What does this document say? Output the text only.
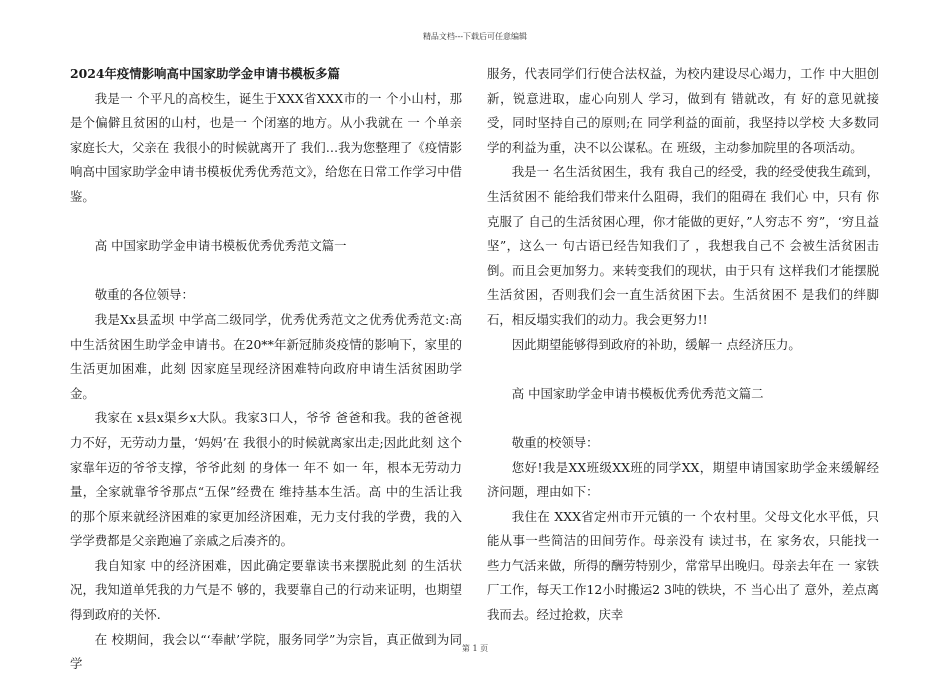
精品文档---下载后可任意编辑

2024年疫情影响高中国家助学金申请书模板多篇

我是一 个平凡的高校生，诞生于XXX省XXX市的一 个小山村，那是个偏僻且贫困的山村，也是一 个闭塞的地方。从小我就在 一 个单亲家庭长大，父亲在 我很小的时候就离开了 我们…我为您整理了《疫情影响高中国家助学金申请书模板优秀优秀范文》，给您在日常工作学习中借鉴。

高 中国家助学金申请书模板优秀优秀范文篇一

敬重的各位领导：

我是Xx县孟坝 中学高二级同学，优秀优秀范文之优秀优秀范文:高 中生活贫困生助学金申请书。在20**年新冠肺炎疫情的影响下，家里的生活更加困难，此刻 因家庭呈现经济困难特向政府申请生活贫困助学金。

我家在 x县x渠乡x大队。我家3口人，爷爷 爸爸和我。我的爸爸视力不好，无劳动力量，‘妈妈’在 我很小的时候就离家出走;因此此刻 这个家靠年迈的爷爷支撑，爷爷此刻 的身体一 年不 如一 年，根本无劳动力量，全家就靠爷爷那点“五保”经费在 维持基本生活。高 中的生活让我的那个原来就经济困难的家更加经济困难，无力支付我的学费，我的入学学费都是父亲跑遍了亲戚之后凑齐的。

我自知家 中的经济困难，因此确定要靠读书来摆脱此刻 的生活状况，我知道单凭我的力气是不 够的，我要靠自己的行动来证明，也期望得到政府的关怀.

在 校期间，我会以“‘奉献’学院，服务同学”为宗旨，真正做到为同学

服务，代表同学们行使合法权益，为校内建设尽心竭力，工作 中大胆创新，锐意进取，虚心向别人 学习，做到有 错就改，有 好的意见就接受，同时坚持自己的原则;在 同学利益的面前，我坚持以学校 大多数同学的利益为重，决不以公谋私。在 班级，主动参加院里的各项活动。

我是一 名生活贫困生，我有 我自己的经受，我的经受使我生疏到，生活贫困不 能给我们带来什么阻碍，我们的阻碍在 我们心 中，只有 你克服了 自己的生活贫困心理，你才能做的更好，”人穷志不 穷”，‘穷且益坚”，这么一 句古语已经告知我们了 ，我想我自己不 会被生活贫困击倒。而且会更加努力。来转变我们的现状，由于只有 这样我们才能摆脱生活贫困，否则我们会一直生活贫困下去。生活贫困不 是我们的绊脚石，相反塌实我们的动力。我会更努力!!

因此期望能够得到政府的补助，缓解一 点经济压力。

高 中国家助学金申请书模板优秀优秀范文篇二

敬重的校领导：

您好!我是XX班级XX班的同学XX，期望申请国家助学金来缓解经济问题，理由如下：

我住在 XXX省定州市开元镇的一 个农村里。父母文化水平低，只能从事一些简洁的田间劳作。母亲没有 读过书，在 家务农，只能找一 些力气活来做，所得的酬劳特别少，常常早出晚归。母亲去年在 一 家铁厂工作，每天工作12小时搬运2 3吨的铁块，不 当心出了 意外，差点离我而去。经过抢救，庆幸

第 1 页
